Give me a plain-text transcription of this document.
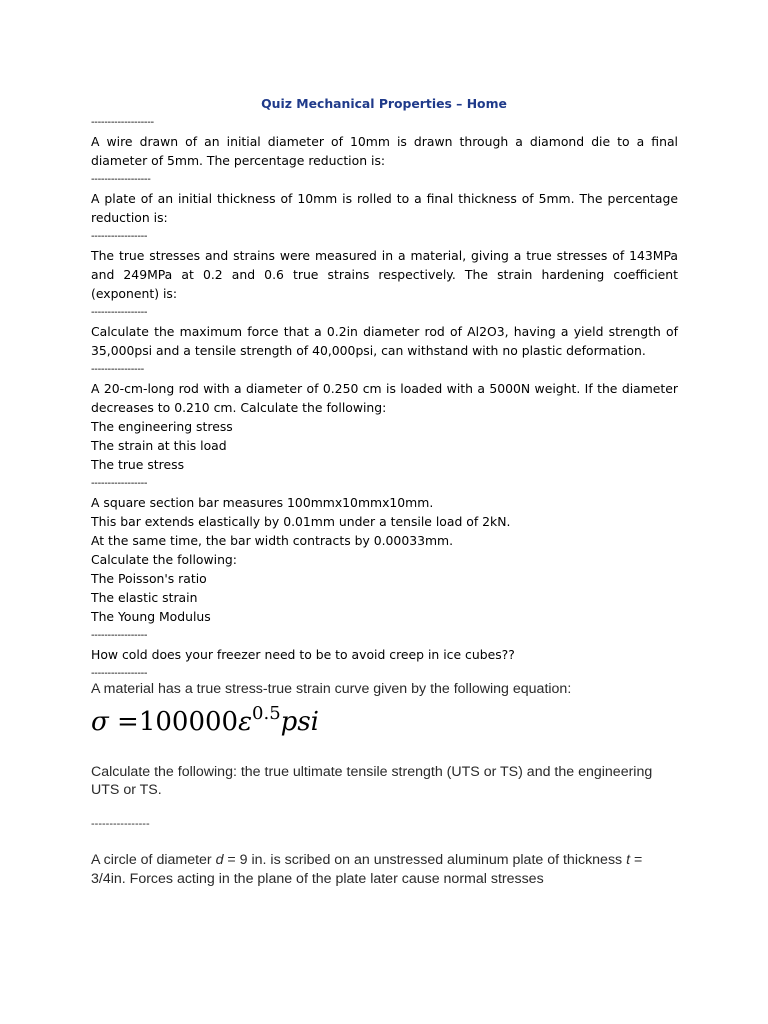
Quiz Mechanical Properties – Home
-------------------
A wire drawn of an initial diameter of 10mm is drawn through a diamond die to a final diameter of 5mm. The percentage reduction is:
------------------
A plate of an initial thickness of 10mm is rolled to a final thickness of 5mm. The percentage reduction is:
-----------------
The true stresses and strains were measured in a material, giving a true stresses of 143MPa and 249MPa at 0.2 and 0.6 true strains respectively. The strain hardening coefficient (exponent) is:
-----------------
Calculate the maximum force that a 0.2in diameter rod of Al2O3, having a yield strength of 35,000psi and a tensile strength of 40,000psi, can withstand with no plastic deformation.
----------------
A 20-cm-long rod with a diameter of 0.250 cm is loaded with a 5000N weight. If the diameter decreases to 0.210 cm. Calculate the following:
The engineering stress
The strain at this load
The true stress
-----------------
A square section bar measures 100mmx10mmx10mm.
This bar extends elastically by 0.01mm under a tensile load of 2kN.
At the same time, the bar width contracts by 0.00033mm.
Calculate the following:
The Poisson's ratio
The elastic strain
The Young Modulus
-----------------
How cold does your freezer need to be to avoid creep in ice cubes??
-----------------
A material has a true stress-true strain curve given by the following equation:
$\sigma =100000\varepsilon^{0.5}psi$
Calculate the following: the true ultimate tensile strength (UTS or TS) and the engineering UTS or TS.
----------------
A circle of diameter d = 9 in. is scribed on an unstressed aluminum plate of thickness t = 3/4in. Forces acting in the plane of the plate later cause normal stresses
